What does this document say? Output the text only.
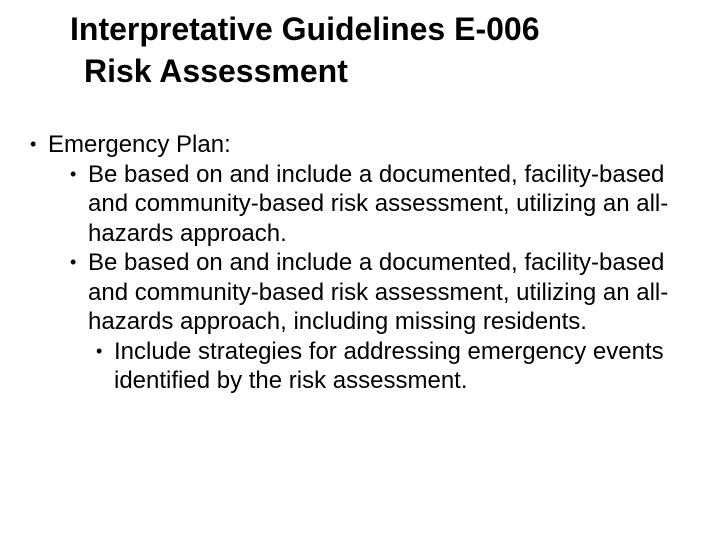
Interpretative Guidelines E-006
Risk Assessment
• Emergency Plan:
• Be based on and include a documented, facility-based and community-based risk assessment, utilizing an all-hazards approach.
• Be based on and include a documented, facility-based and community-based risk assessment, utilizing an all-hazards approach, including missing residents.
• Include strategies for addressing emergency events identified by the risk assessment.
